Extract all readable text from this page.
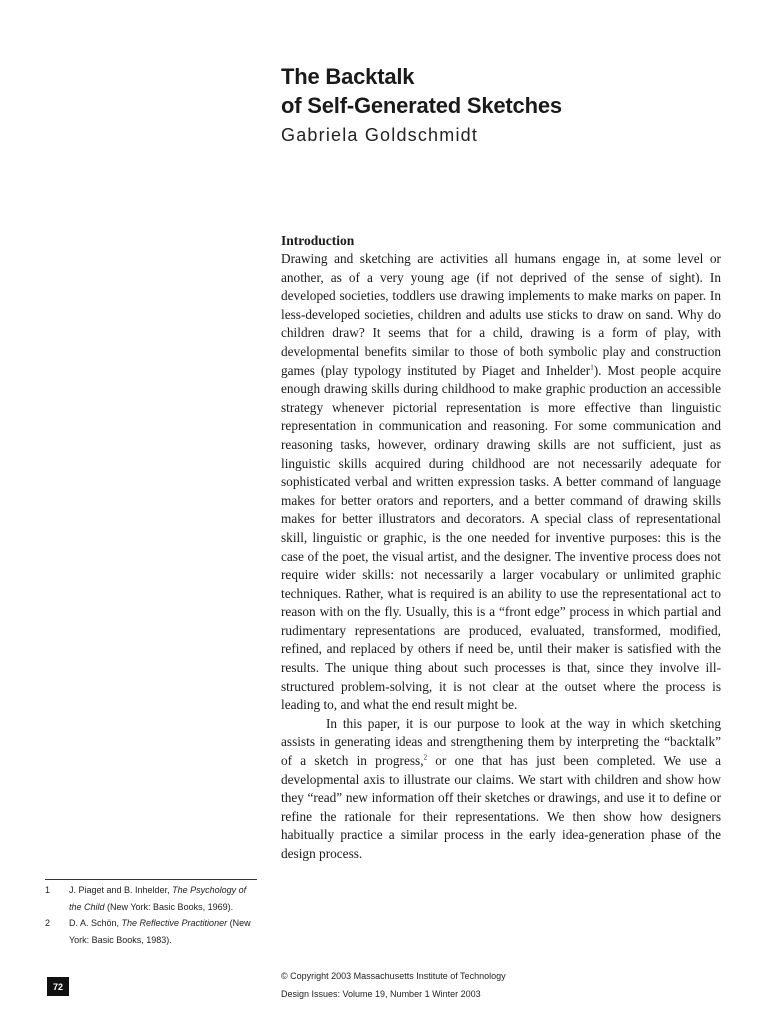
The Backtalk
of Self-Generated Sketches
Gabriela Goldschmidt
Introduction

Drawing and sketching are activities all humans engage in, at some level or another, as of a very young age (if not deprived of the sense of sight). In developed societies, toddlers use drawing implements to make marks on paper. In less-developed societies, children and adults use sticks to draw on sand. Why do children draw? It seems that for a child, drawing is a form of play, with developmental benefits similar to those of both symbolic play and construction games (play typology instituted by Piaget and Inhelder$^1$). Most people acquire enough drawing skills during childhood to make graphic production an accessible strategy whenever pictorial representation is more effective than linguistic representation in communication and reasoning. For some communication and reasoning tasks, however, ordinary drawing skills are not sufficient, just as linguistic skills acquired during childhood are not necessarily adequate for sophisticated verbal and written expression tasks. A better command of language makes for better orators and reporters, and a better command of drawing skills makes for better illustrators and decorators. A special class of representational skill, linguistic or graphic, is the one needed for inventive purposes: this is the case of the poet, the visual artist, and the designer. The inventive process does not require wider skills: not necessarily a larger vocabulary or unlimited graphic techniques. Rather, what is required is an ability to use the representational act to reason with on the fly. Usually, this is a “front edge” process in which partial and rudimentary representations are produced, evaluated, transformed, modified, refined, and replaced by others if need be, until their maker is satisfied with the results. The unique thing about such processes is that, since they involve ill-structured problem-solving, it is not clear at the outset where the process is leading to, and what the end result might be.

In this paper, it is our purpose to look at the way in which sketching assists in generating ideas and strengthening them by interpreting the “backtalk” of a sketch in progress,$^2$ or one that has just been completed. We use a developmental axis to illustrate our claims. We start with children and show how they “read” new information off their sketches or drawings, and use it to define or refine the rationale for their representations. We then show how designers habitually practice a similar process in the early idea-generation phase of the design process.

1	J. Piaget and B. Inhelder, The Psychology of the Child (New York: Basic Books, 1969).
2	D. A. Schön, The Reflective Practitioner (New York: Basic Books, 1983).
© Copyright 2003 Massachusetts Institute of Technology
Design Issues: Volume 19, Number 1 Winter 2003
72
